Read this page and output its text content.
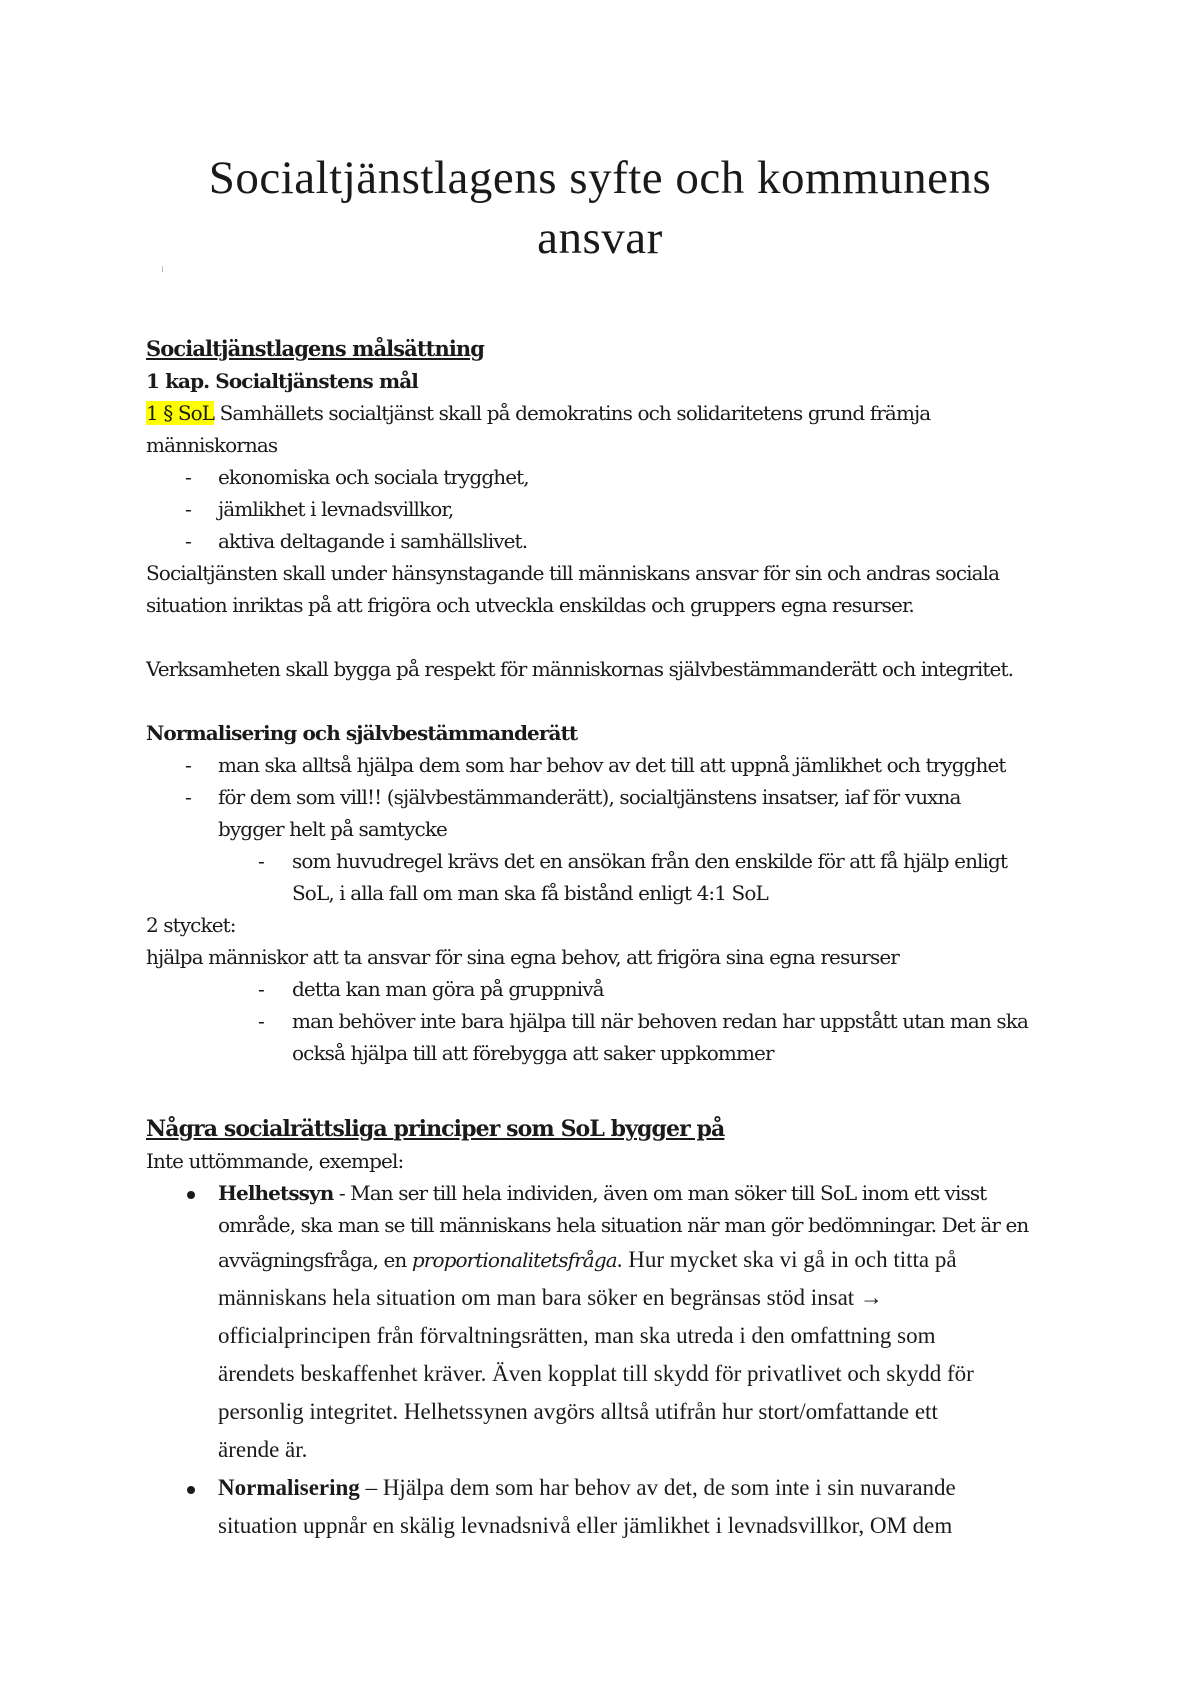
Socialtjänstlagens syfte och kommunens
ansvar
Socialtjänstlagens målsättning
1 kap. Socialtjänstens mål
1 § SoL Samhällets socialtjänst skall på demokratins och solidaritetens grund främja
människornas
- ekonomiska och sociala trygghet,
- jämlikhet i levnadsvillkor,
- aktiva deltagande i samhällslivet.
Socialtjänsten skall under hänsynstagande till människans ansvar för sin och andras sociala
situation inriktas på att frigöra och utveckla enskildas och gruppers egna resurser.
Verksamheten skall bygga på respekt för människornas självbestämmanderätt och integritet.
Normalisering och självbestämmanderätt
- man ska alltså hjälpa dem som har behov av det till att uppnå jämlikhet och trygghet
- för dem som vill!! (självbestämmanderätt), socialtjänstens insatser, iaf för vuxna
bygger helt på samtycke
- som huvudregel krävs det en ansökan från den enskilde för att få hjälp enligt
SoL, i alla fall om man ska få bistånd enligt 4:1 SoL
2 stycket:
hjälpa människor att ta ansvar för sina egna behov, att frigöra sina egna resurser
- detta kan man göra på gruppnivå
- man behöver inte bara hjälpa till när behoven redan har uppstått utan man ska
också hjälpa till att förebygga att saker uppkommer
Några socialrättsliga principer som SoL bygger på
Inte uttömmande, exempel:
Helhetssyn - Man ser till hela individen, även om man söker till SoL inom ett visst
område, ska man se till människans hela situation när man gör bedömningar. Det är en
avvägningsfråga, en proportionalitetsfråga. Hur mycket ska vi gå in och titta på
människans hela situation om man bara söker en begränsas stöd insat →
officialprincipen från förvaltningsrätten, man ska utreda i den omfattning som
ärendets beskaffenhet kräver. Även kopplat till skydd för privatlivet och skydd för
personlig integritet. Helhetssynen avgörs alltså utifrån hur stort/omfattande ett
ärende är.
Normalisering – Hjälpa dem som har behov av det, de som inte i sin nuvarande
situation uppnår en skälig levnadsnivå eller jämlikhet i levnadsvillkor, OM dem
